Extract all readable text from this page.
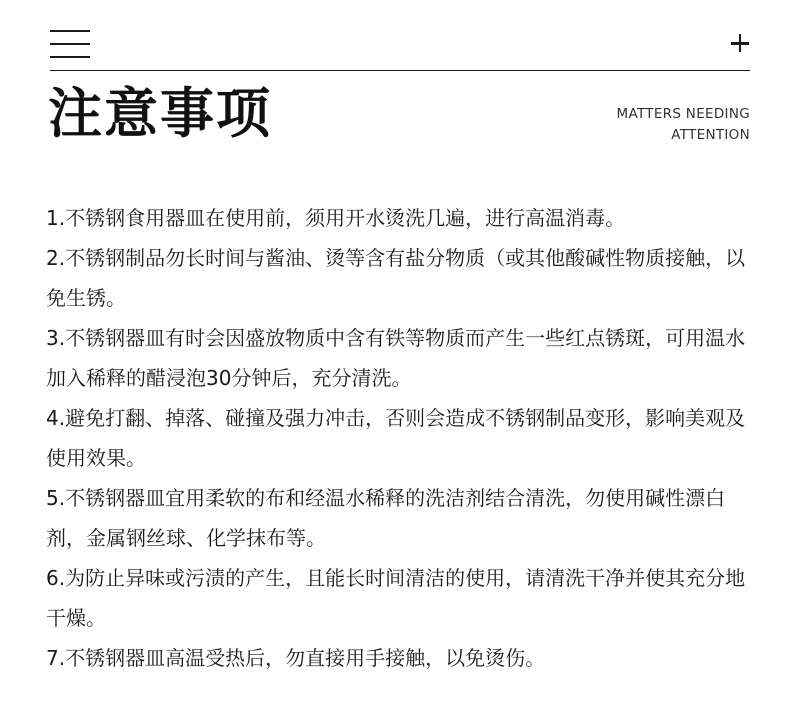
注意事项	MATTERS NEEDING
ATTENTION
1.不锈钢食用器皿在使用前，须用开水烫洗几遍，进行高温消毒。
2.不锈钢制品勿长时间与酱油、烫等含有盐分物质（或其他酸碱性物质接触，以免生锈。
3.不锈钢器皿有时会因盛放物质中含有铁等物质而产生一些红点锈斑，可用温水加入稀释的醋浸泡30分钟后，充分清洗。
4.避免打翻、掉落、碰撞及强力冲击，否则会造成不锈钢制品变形，影响美观及使用效果。
5.不锈钢器皿宜用柔软的布和经温水稀释的洗洁剂结合清洗，勿使用碱性漂白剂，金属钢丝球、化学抹布等。
6.为防止异味或污渍的产生，且能长时间清洁的使用，请清洗干净并使其充分地干燥。
7.不锈钢器皿高温受热后，勿直接用手接触，以免烫伤。
